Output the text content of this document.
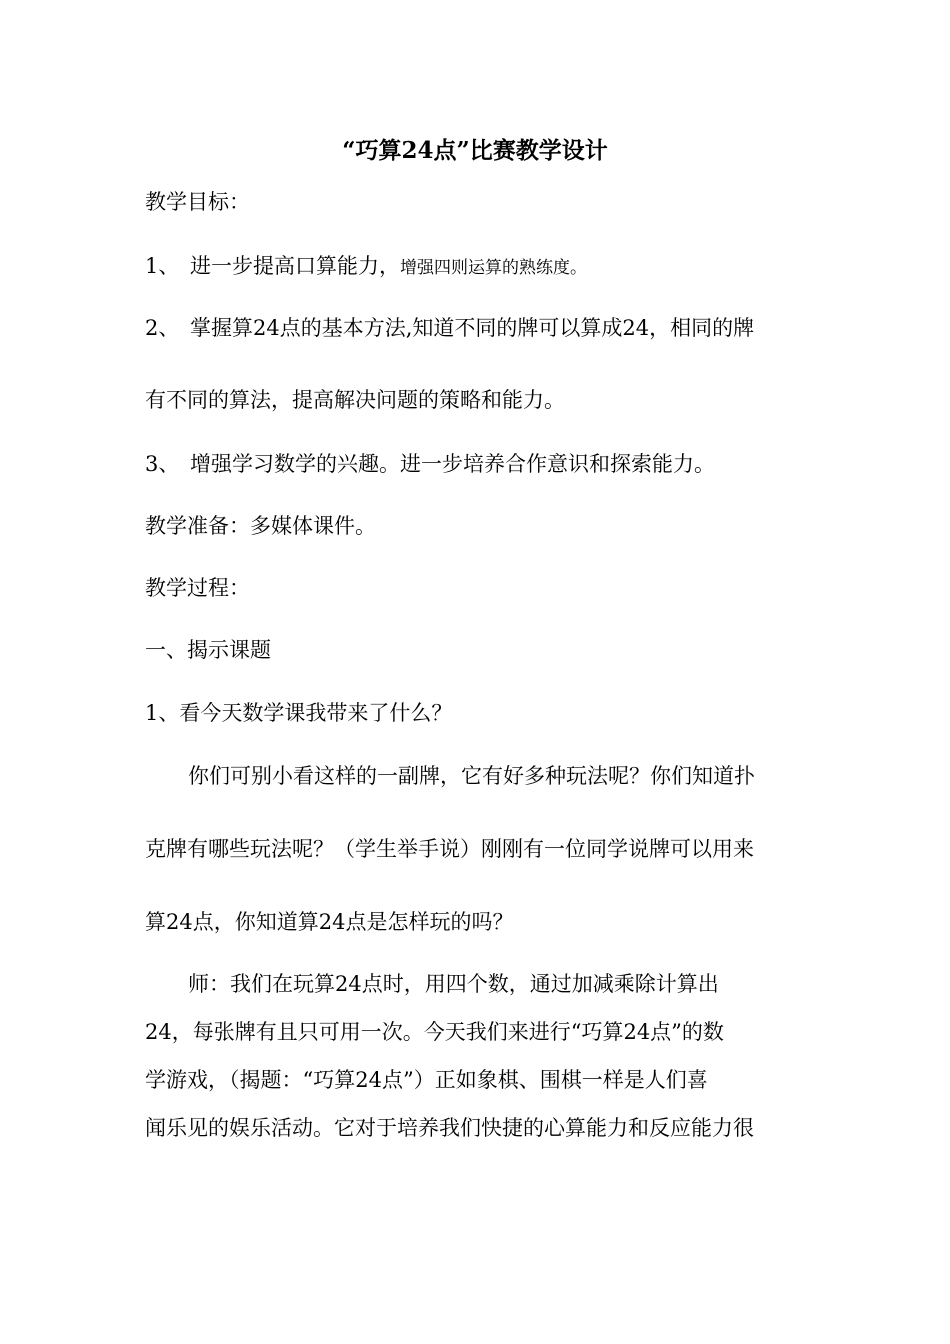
“巧算24点”比赛教学设计
教学目标：
1、 进一步提高口算能力，增强四则运算的熟练度。
2、 掌握算24点的基本方法,知道不同的牌可以算成24，相同的牌
有不同的算法，提高解决问题的策略和能力。
3、 增强学习数学的兴趣。进一步培养合作意识和探索能力。
教学准备：多媒体课件。
教学过程：
一、揭示课题
1、看今天数学课我带来了什么？
你们可别小看这样的一副牌，它有好多种玩法呢？你们知道扑
克牌有哪些玩法呢？（学生举手说）刚刚有一位同学说牌可以用来
算24点，你知道算24点是怎样玩的吗？
师：我们在玩算24点时，用四个数，通过加减乘除计算出
24，每张牌有且只可用一次。今天我们来进行“巧算24点”的数
学游戏，（揭题：“巧算24点”）正如象棋、围棋一样是人们喜
闻乐见的娱乐活动。它对于培养我们快捷的心算能力和反应能力很
